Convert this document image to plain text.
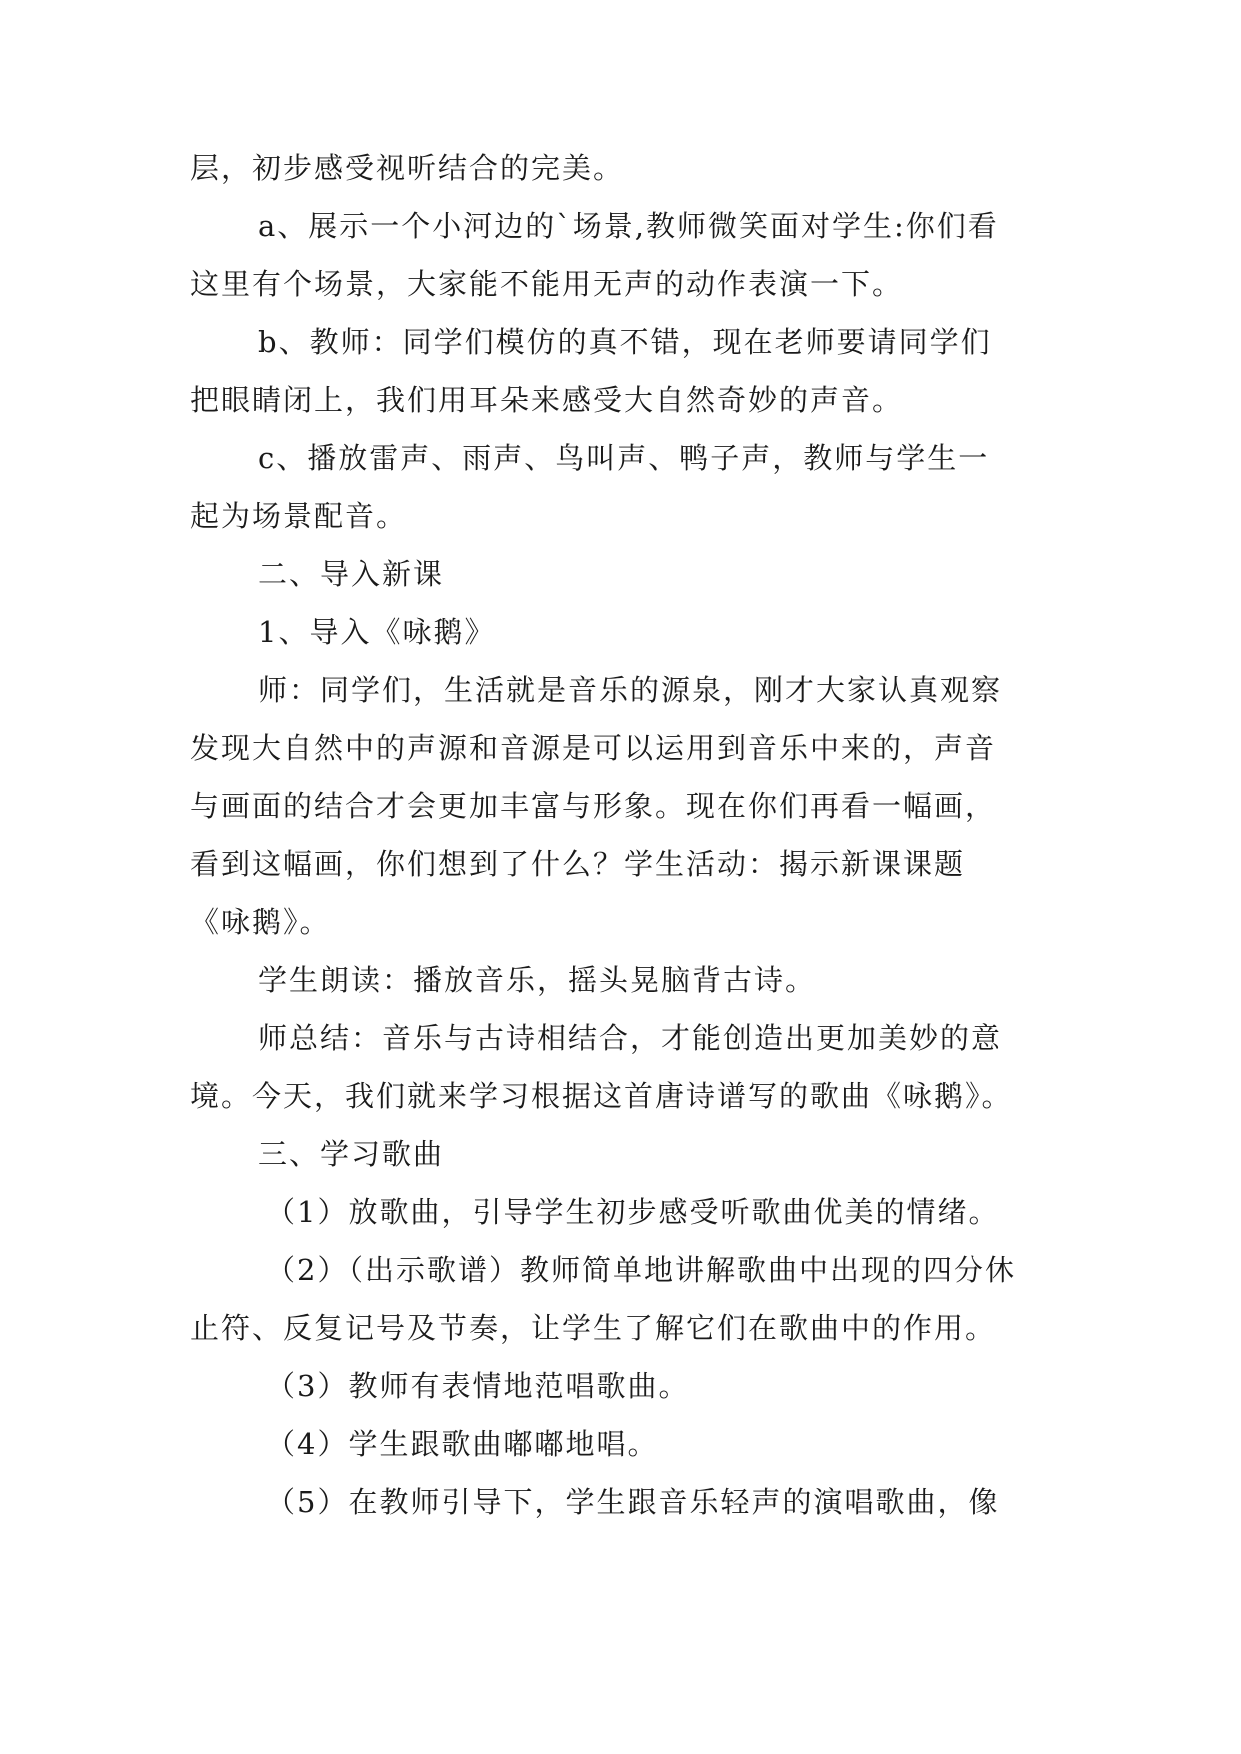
层，初步感受视听结合的完美。
a、展示一个小河边的`场景,教师微笑面对学生:你们看
这里有个场景，大家能不能用无声的动作表演一下。
b、教师：同学们模仿的真不错，现在老师要请同学们
把眼睛闭上，我们用耳朵来感受大自然奇妙的声音。
c、播放雷声、雨声、鸟叫声、鸭子声，教师与学生一
起为场景配音。
二、导入新课
1、导入《咏鹅》
师：同学们，生活就是音乐的源泉，刚才大家认真观察
发现大自然中的声源和音源是可以运用到音乐中来的，声音
与画面的结合才会更加丰富与形象。现在你们再看一幅画，
看到这幅画，你们想到了什么？学生活动：揭示新课课题
《咏鹅》。
学生朗读：播放音乐，摇头晃脑背古诗。
师总结：音乐与古诗相结合，才能创造出更加美妙的意
境。今天，我们就来学习根据这首唐诗谱写的歌曲《咏鹅》。
三、学习歌曲
（1）放歌曲，引导学生初步感受听歌曲优美的情绪。
（2）（出示歌谱）教师简单地讲解歌曲中出现的四分休
止符、反复记号及节奏，让学生了解它们在歌曲中的作用。
（3）教师有表情地范唱歌曲。
（4）学生跟歌曲嘟嘟地唱。
（5）在教师引导下，学生跟音乐轻声的演唱歌曲，像
